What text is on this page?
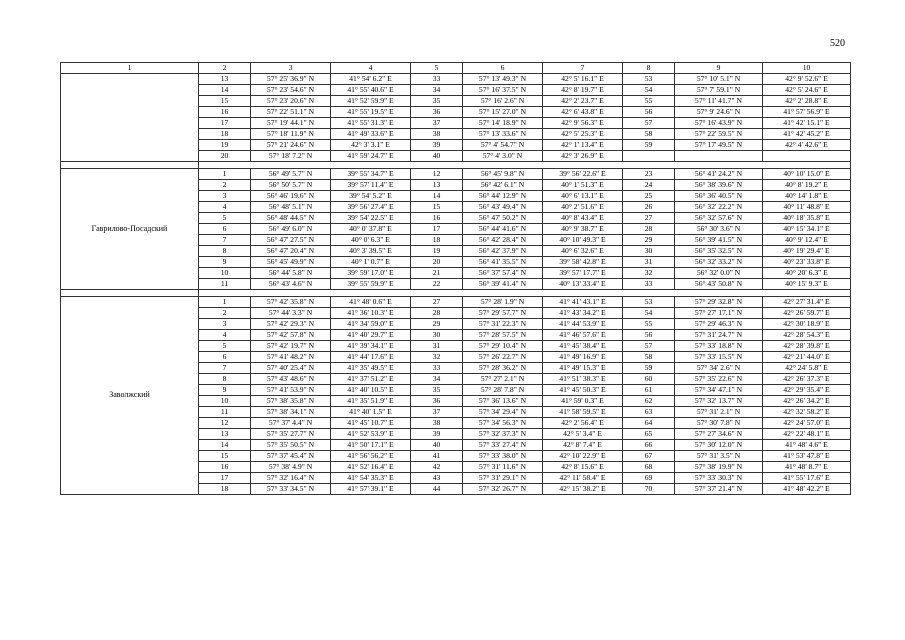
520
1	2	3	4	5	6	7	8	9	10
	13	57° 25' 36.9" N	41° 54' 6.2" E	33	57° 13' 49.3" N	42° 5' 16.1" E	53	57° 10' 5.1" N	42° 9' 52.6" E
	14	57° 23' 54.6" N	41° 55' 40.6" E	34	57° 16' 37.5" N	42° 8' 19.7" E	54	57° 7' 59.1" N	42° 5' 24.6" E
	15	57° 23' 20.6" N	41° 52' 59.9" E	35	57° 16' 2.6" N	42° 2' 23.7" E	55	57° 11' 41.7" N	42° 2' 28.8" E
	16	57° 22' 51.1" N	41° 55' 19.5" E	36	57° 15' 27.0" N	42° 6' 43.8" E	56	57° 9' 24.6" N	41° 57' 56.9" E
	17	57° 19' 44.1" N	41° 55' 31.3" E	37	57° 14' 18.9" N	42° 9' 56.3" E	57	57° 16' 43.9" N	41° 42' 15.1" E
	18	57° 18' 11.9" N	41° 49' 33.6" E	38	57° 13' 33.6" N	42° 5' 25.3" E	58	57° 22' 59.5" N	41° 42' 45.2" E
	19	57° 21' 24.6" N	42° 3' 3.1" E	39	57° 4' 54.7" N	42° 1' 13.4" E	59	57° 17' 49.5" N	42° 4' 42.6" E
	20	57° 18' 7.2" N	41° 59' 24.7" E	40	57° 4' 3.0" N	42° 3' 26.9" E			

Гаврилово-Посадский	1	56° 49' 5.7" N	39° 55' 34.7" E	12	56° 45' 9.8" N	39° 56' 22.6" E	23	56° 41' 24.2" N	40° 10' 15.0" E
	2	56° 50' 5.7" N	39° 57' 11.4" E	13	56° 42' 6.1" N	40° 1' 51.3" E	24	56° 38' 39.6" N	40° 8' 19.2" E
	3	56° 46' 19.6" N	39° 54' 5.2" E	14	56° 44' 12.9" N	40° 6' 13.1" E	25	56° 36' 40.5" N	40° 14' 1.8" E
	4	56° 48' 5.1" N	39° 56' 27.4" E	15	56° 43' 49.4" N	40° 2' 51.6" E	26	56° 32' 22.2" N	40° 11' 48.8" E
	5	56° 48' 44.5" N	39° 54' 22.5" E	16	56° 47' 50.2" N	40° 8' 43.4" E	27	56° 32' 57.6" N	40° 18' 35.8" E
	6	56° 49' 6.0" N	40° 0' 37.8" E	17	56° 44' 41.6" N	40° 9' 38.7" E	28	56° 30' 3.6" N	40° 15' 34.1" E
	7	56° 47' 27.5" N	40° 0' 6.3" E	18	56° 42' 28.4" N	40° 10' 49.3" E	29	56° 39' 41.5" N	40° 9' 12.4" E
	8	56° 47' 20.4" N	40° 3' 39.5" E	19	56° 42' 37.9" N	40° 6' 32.6" E	30	56° 35' 32.5" N	40° 19' 29.4" E
	9	56° 45' 49.9" N	40° 1' 0.7" E	20	56° 41' 35.5" N	39° 58' 42.8" E	31	56° 32' 33.2" N	40° 23' 33.8" E
	10	56° 44' 5.8" N	39° 59' 17.0" E	21	56° 37' 57.4" N	39° 57' 17.7" E	32	56° 32' 0.0" N	40° 20' 6.3" E
	11	56° 43' 4.6" N	39° 55' 59.9" E	22	56° 39' 41.4" N	40° 13' 33.4" E	33	56° 43' 50.8" N	40° 15' 9.3" E

Заволжский	1	57° 42' 35.8" N	41° 48' 0.6" E	27	57° 28' 1.9" N	41° 41' 43.1" E	53	57° 29' 32.8" N	42° 27' 31.4" E
	2	57° 44' 3.3" N	41° 36' 10.3" E	28	57° 29' 57.7" N	41° 43' 34.2" E	54	57° 27' 17.1" N	42° 26' 59.7" E
	3	57° 42' 29.3" N	41° 34' 59.0" E	29	57° 31' 22.3" N	41° 44' 53.9" E	55	57° 29' 46.3" N	42° 30' 18.9" E
	4	57° 42' 57.8" N	41° 40' 29.7" E	30	57° 28' 57.5" N	41° 46' 57.6" E	56	57° 31' 24.7" N	42° 28' 54.3" E
	5	57° 42' 19.7" N	41° 39' 34.1" E	31	57° 29' 10.4" N	41° 45' 38.4" E	57	57° 33' 18.8" N	42° 28' 39.8" E
	6	57° 41' 48.2" N	41° 44' 17.6" E	32	57° 26' 22.7" N	41° 49' 16.9" E	58	57° 33' 15.5" N	42° 21' 44.0" E
	7	57° 40' 25.4" N	41° 35' 49.5" E	33	57° 28' 36.2" N	41° 49' 15.3" E	59	57° 34' 2.6" N	42° 24' 5.8" E
	8	57° 43' 48.6" N	41° 37' 51.2" E	34	57° 27' 2.1" N	41° 51' 38.3" E	60	57° 35' 22.6" N	42° 26' 37.3" E
	9	57° 41' 53.9" N	41° 40' 10.5" E	35	57° 28' 7.8" N	41° 45' 50.3" E	61	57° 34' 47.1" N	42° 29' 35.4" E
	10	57° 38' 35.8" N	41° 35' 51.9" E	36	57° 36' 13.6" N	41° 59' 0.3" E	62	57° 32' 13.7" N	42° 26' 34.2" E
	11	57° 38' 34.1" N	41° 40' 1.5" E	37	57° 34' 29.4" N	41° 58' 59.5" E	63	57° 31' 2.1" N	42° 32' 58.2" E
	12	57° 37' 4.4" N	41° 45' 10.7" E	38	57° 34' 56.3" N	42° 2' 56.4" E	64	57° 30' 7.8" N	42° 24' 57.0" E
	13	57° 35' 27.7" N	41° 52' 53.9" E	39	57° 32' 37.3" N	42° 5' 3.4" E	65	57° 27' 34.6" N	42° 22' 48.1" E
	14	57° 35' 50.5" N	41° 50' 17.1" E	40	57° 33' 27.4" N	42° 8' 7.4" E	66	57° 30' 12.0" N	41° 48' 4.6" E
	15	57° 37' 45.4" N	41° 56' 56.2" E	41	57° 33' 38.0" N	42° 10' 22.9" E	67	57° 31' 3.5" N	41° 53' 47.8" E
	16	57° 38' 4.9" N	41° 52' 16.4" E	42	57° 31' 11.6" N	42° 8' 15.6" E	68	57° 38' 19.9" N	41° 48' 8.7" E
	17	57° 32' 16.4" N	41° 54' 35.3" E	43	57° 31' 29.1" N	42° 11' 58.4" E	69	57° 33' 30.3" N	41° 55' 17.6" E
	18	57° 33' 34.5" N	41° 57' 39.1" E	44	57° 32' 26.7" N	42° 15' 38.2" E	70	57° 37' 21.4" N	41° 48' 42.2" E
